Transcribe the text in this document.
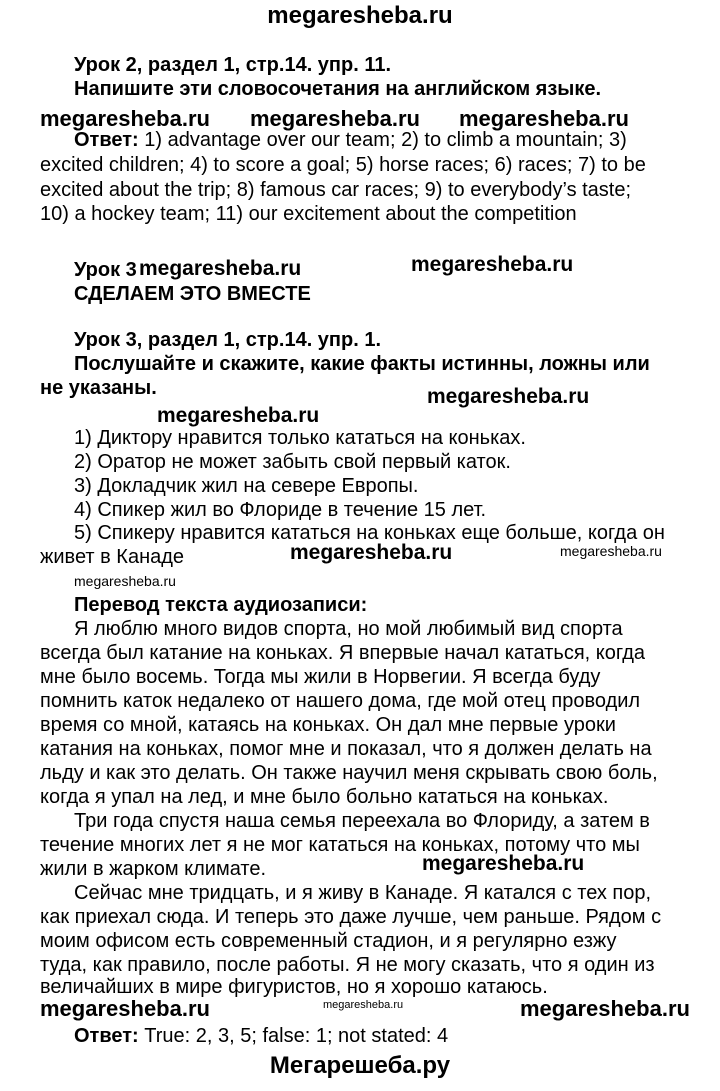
megaresheba.ru
Урок 2, раздел 1, стр.14. упр. 11.
Напишите эти словосочетания на английском языке.
megaresheba.ru megaresheba.ru megaresheba.ru
Ответ: 1) advantage over our team; 2) to climb a mountain; 3)
excited children; 4) to score a goal; 5) horse races; 6) races; 7) to be
excited about the trip; 8) famous car races; 9) to everybody’s taste;
10) a hockey team; 11) our excitement about the competition
Урок 3 megaresheba.ru	megaresheba.ru
СДЕЛАЕМ ЭТО ВМЕСТЕ
Урок 3, раздел 1, стр.14. упр. 1.
Послушайте и скажите, какие факты истинны, ложны или
не указаны.	megaresheba.ru
megaresheba.ru
1) Диктору нравится только кататься на коньках.
2) Оратор не может забыть свой первый каток.
3) Докладчик жил на севере Европы.
4) Спикер жил во Флориде в течение 15 лет.
5) Спикеру нравится кататься на коньках еще больше, когда он
живет в Канаде	megaresheba.ru	megaresheba.ru
megaresheba.ru
Перевод текста аудиозаписи:
Я люблю много видов спорта, но мой любимый вид спорта
всегда был катание на коньках. Я впервые начал кататься, когда
мне было восемь. Тогда мы жили в Норвегии. Я всегда буду
помнить каток недалеко от нашего дома, где мой отец проводил
время со мной, катаясь на коньках. Он дал мне первые уроки
катания на коньках, помог мне и показал, что я должен делать на
льду и как это делать. Он также научил меня скрывать свою боль,
когда я упал на лед, и мне было больно кататься на коньках.
Три года спустя наша семья переехала во Флориду, а затем в
течение многих лет я не мог кататься на коньках, потому что мы
жили в жарком климате.	megaresheba.ru
Сейчас мне тридцать, и я живу в Канаде. Я катался с тех пор,
как приехал сюда. И теперь это даже лучше, чем раньше. Рядом с
моим офисом есть современный стадион, и я регулярно езжу
туда, как правило, после работы. Я не могу сказать, что я один из
величайших в мире фигуристов, но я хорошо катаюсь.
megaresheba.ru	megaresheba.ru	megaresheba.ru
Ответ: True: 2, 3, 5; false: 1; not stated: 4
Мегарешеба.ру
